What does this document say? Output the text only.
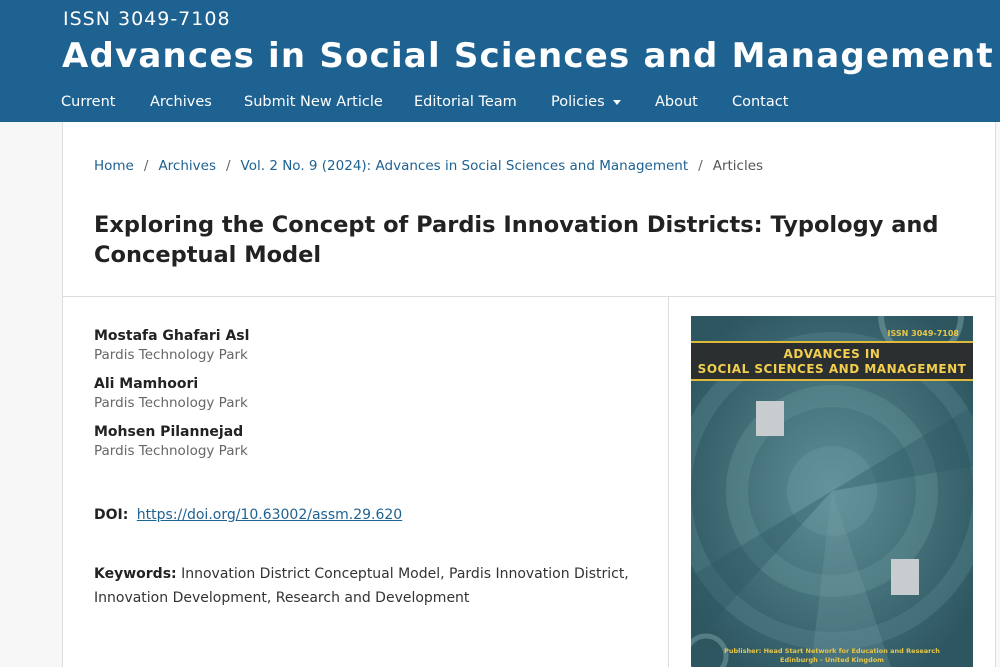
ISSN 3049-7108
Advances in Social Sciences and Management
Current Archives Submit New Article Editorial Team Policies	About Contact
Home / Archives / Vol. 2 No. 9 (2024): Advances in Social Sciences and Management / Articles
Exploring the Concept of Pardis Innovation Districts: Typology and Conceptual Model
Mostafa Ghafari Asl
Pardis Technology Park
Ali Mamhoori
Pardis Technology Park
Mohsen Pilannejad
Pardis Technology Park
DOI: https://doi.org/10.63002/assm.29.620
Keywords: Innovation District Conceptual Model, Pardis Innovation District, Innovation Development, Research and Development
ISSN 3049-7108
ADVANCES IN
SOCIAL SCIENCES AND MANAGEMENT
Publisher: Head Start Network for Education and Research
Edinburgh - United Kingdom
